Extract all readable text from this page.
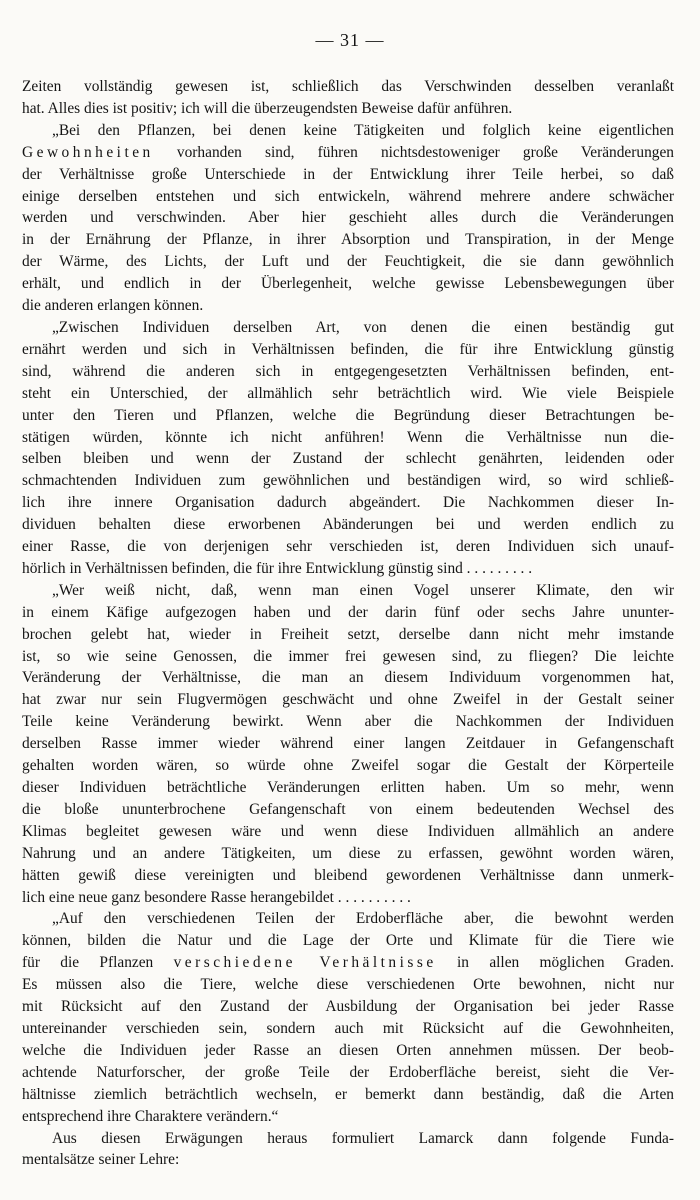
— 31 —
Zeiten vollständig gewesen ist, schließlich das Verschwinden desselben veranlaßt
hat. Alles dies ist positiv; ich will die überzeugendsten Beweise dafür anführen.
„Bei den Pflanzen, bei denen keine Tätigkeiten und folglich keine eigentlichen
Gewohnheiten vorhanden sind, führen nichtsdestoweniger große Veränderungen
der Verhältnisse große Unterschiede in der Entwicklung ihrer Teile herbei, so daß
einige derselben entstehen und sich entwickeln, während mehrere andere schwächer
werden und verschwinden. Aber hier geschieht alles durch die Veränderungen
in der Ernährung der Pflanze, in ihrer Absorption und Transpiration, in der Menge
der Wärme, des Lichts, der Luft und der Feuchtigkeit, die sie dann gewöhnlich
erhält, und endlich in der Überlegenheit, welche gewisse Lebensbewegungen über
die anderen erlangen können.
„Zwischen Individuen derselben Art, von denen die einen beständig gut
ernährt werden und sich in Verhältnissen befinden, die für ihre Entwicklung günstig
sind, während die anderen sich in entgegengesetzten Verhältnissen befinden, ent-
steht ein Unterschied, der allmählich sehr beträchtlich wird. Wie viele Beispiele
unter den Tieren und Pflanzen, welche die Begründung dieser Betrachtungen be-
stätigen würden, könnte ich nicht anführen! Wenn die Verhältnisse nun die-
selben bleiben und wenn der Zustand der schlecht genährten, leidenden oder
schmachtenden Individuen zum gewöhnlichen und beständigen wird, so wird schließ-
lich ihre innere Organisation dadurch abgeändert. Die Nachkommen dieser In-
dividuen behalten diese erworbenen Abänderungen bei und werden endlich zu
einer Rasse, die von derjenigen sehr verschieden ist, deren Individuen sich unauf-
hörlich in Verhältnissen befinden, die für ihre Entwicklung günstig sind . . . . . . . . .
„Wer weiß nicht, daß, wenn man einen Vogel unserer Klimate, den wir
in einem Käfige aufgezogen haben und der darin fünf oder sechs Jahre ununter-
brochen gelebt hat, wieder in Freiheit setzt, derselbe dann nicht mehr imstande
ist, so wie seine Genossen, die immer frei gewesen sind, zu fliegen? Die leichte
Veränderung der Verhältnisse, die man an diesem Individuum vorgenommen hat,
hat zwar nur sein Flugvermögen geschwächt und ohne Zweifel in der Gestalt seiner
Teile keine Veränderung bewirkt. Wenn aber die Nachkommen der Individuen
derselben Rasse immer wieder während einer langen Zeitdauer in Gefangenschaft
gehalten worden wären, so würde ohne Zweifel sogar die Gestalt der Körperteile
dieser Individuen beträchtliche Veränderungen erlitten haben. Um so mehr, wenn
die bloße ununterbrochene Gefangenschaft von einem bedeutenden Wechsel des
Klimas begleitet gewesen wäre und wenn diese Individuen allmählich an andere
Nahrung und an andere Tätigkeiten, um diese zu erfassen, gewöhnt worden wären,
hätten gewiß diese vereinigten und bleibend gewordenen Verhältnisse dann unmerk-
lich eine neue ganz besondere Rasse herangebildet . . . . . . . . . .
„Auf den verschiedenen Teilen der Erdoberfläche aber, die bewohnt werden
können, bilden die Natur und die Lage der Orte und Klimate für die Tiere wie
für die Pflanzen verschiedene Verhältnisse in allen möglichen Graden.
Es müssen also die Tiere, welche diese verschiedenen Orte bewohnen, nicht nur
mit Rücksicht auf den Zustand der Ausbildung der Organisation bei jeder Rasse
untereinander verschieden sein, sondern auch mit Rücksicht auf die Gewohnheiten,
welche die Individuen jeder Rasse an diesen Orten annehmen müssen. Der beob-
achtende Naturforscher, der große Teile der Erdoberfläche bereist, sieht die Ver-
hältnisse ziemlich beträchtlich wechseln, er bemerkt dann beständig, daß die Arten
entsprechend ihre Charaktere verändern.“
Aus diesen Erwägungen heraus formuliert Lamarck dann folgende Funda-
mentalsätze seiner Lehre:
